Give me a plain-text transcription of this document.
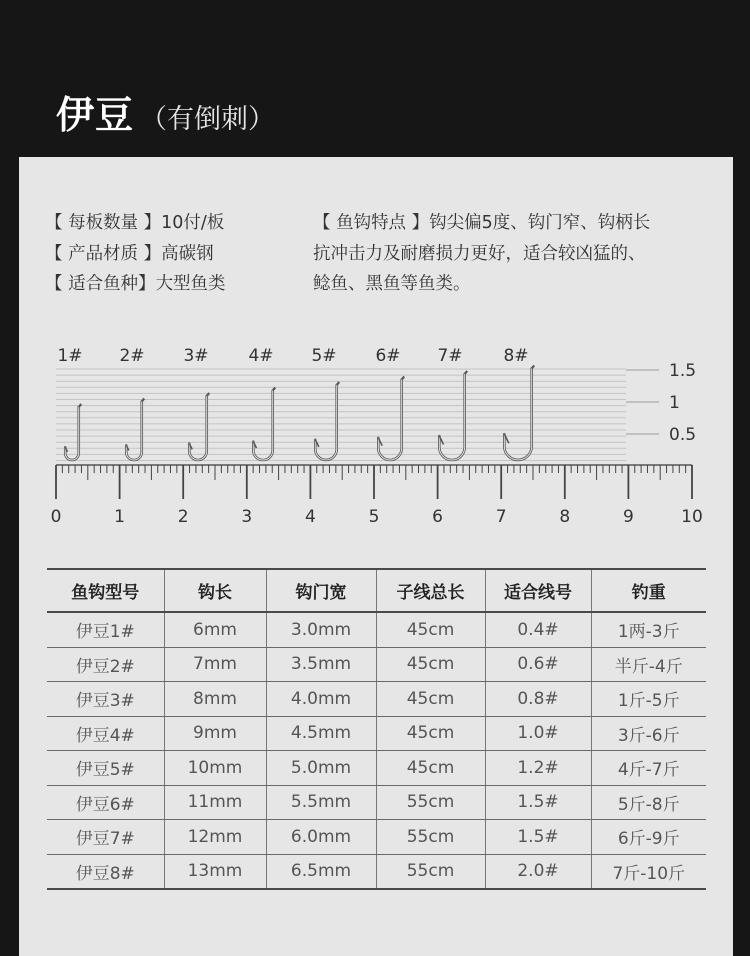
伊豆 （有倒刺）
【 每板数量 】10付/板
【 产品材质 】高碳钢
【 适合鱼种】大型鱼类
【 鱼钩特点 】钩尖偏5度、钩门窄、钩柄长
抗冲击力及耐磨损力更好，适合较凶猛的、
鲶鱼、黑鱼等鱼类。
1.5
1
0.5
0	1	2	3	4	5	6	7	8	9	10
1# 2# 3# 4# 5# 6# 7# 8#
鱼钩型号	钩长	钩门宽	子线总长	适合线号	钓重
伊豆1#	6mm	3.0mm	45cm	0.4#	1两-3斤
伊豆2#	7mm	3.5mm	45cm	0.6#	半斤-4斤
伊豆3#	8mm	4.0mm	45cm	0.8#	1斤-5斤
伊豆4#	9mm	4.5mm	45cm	1.0#	3斤-6斤
伊豆5#	10mm	5.0mm	45cm	1.2#	4斤-7斤
伊豆6#	11mm	5.5mm	55cm	1.5#	5斤-8斤
伊豆7#	12mm	6.0mm	55cm	1.5#	6斤-9斤
伊豆8#	13mm	6.5mm	55cm	2.0#	7斤-10斤
